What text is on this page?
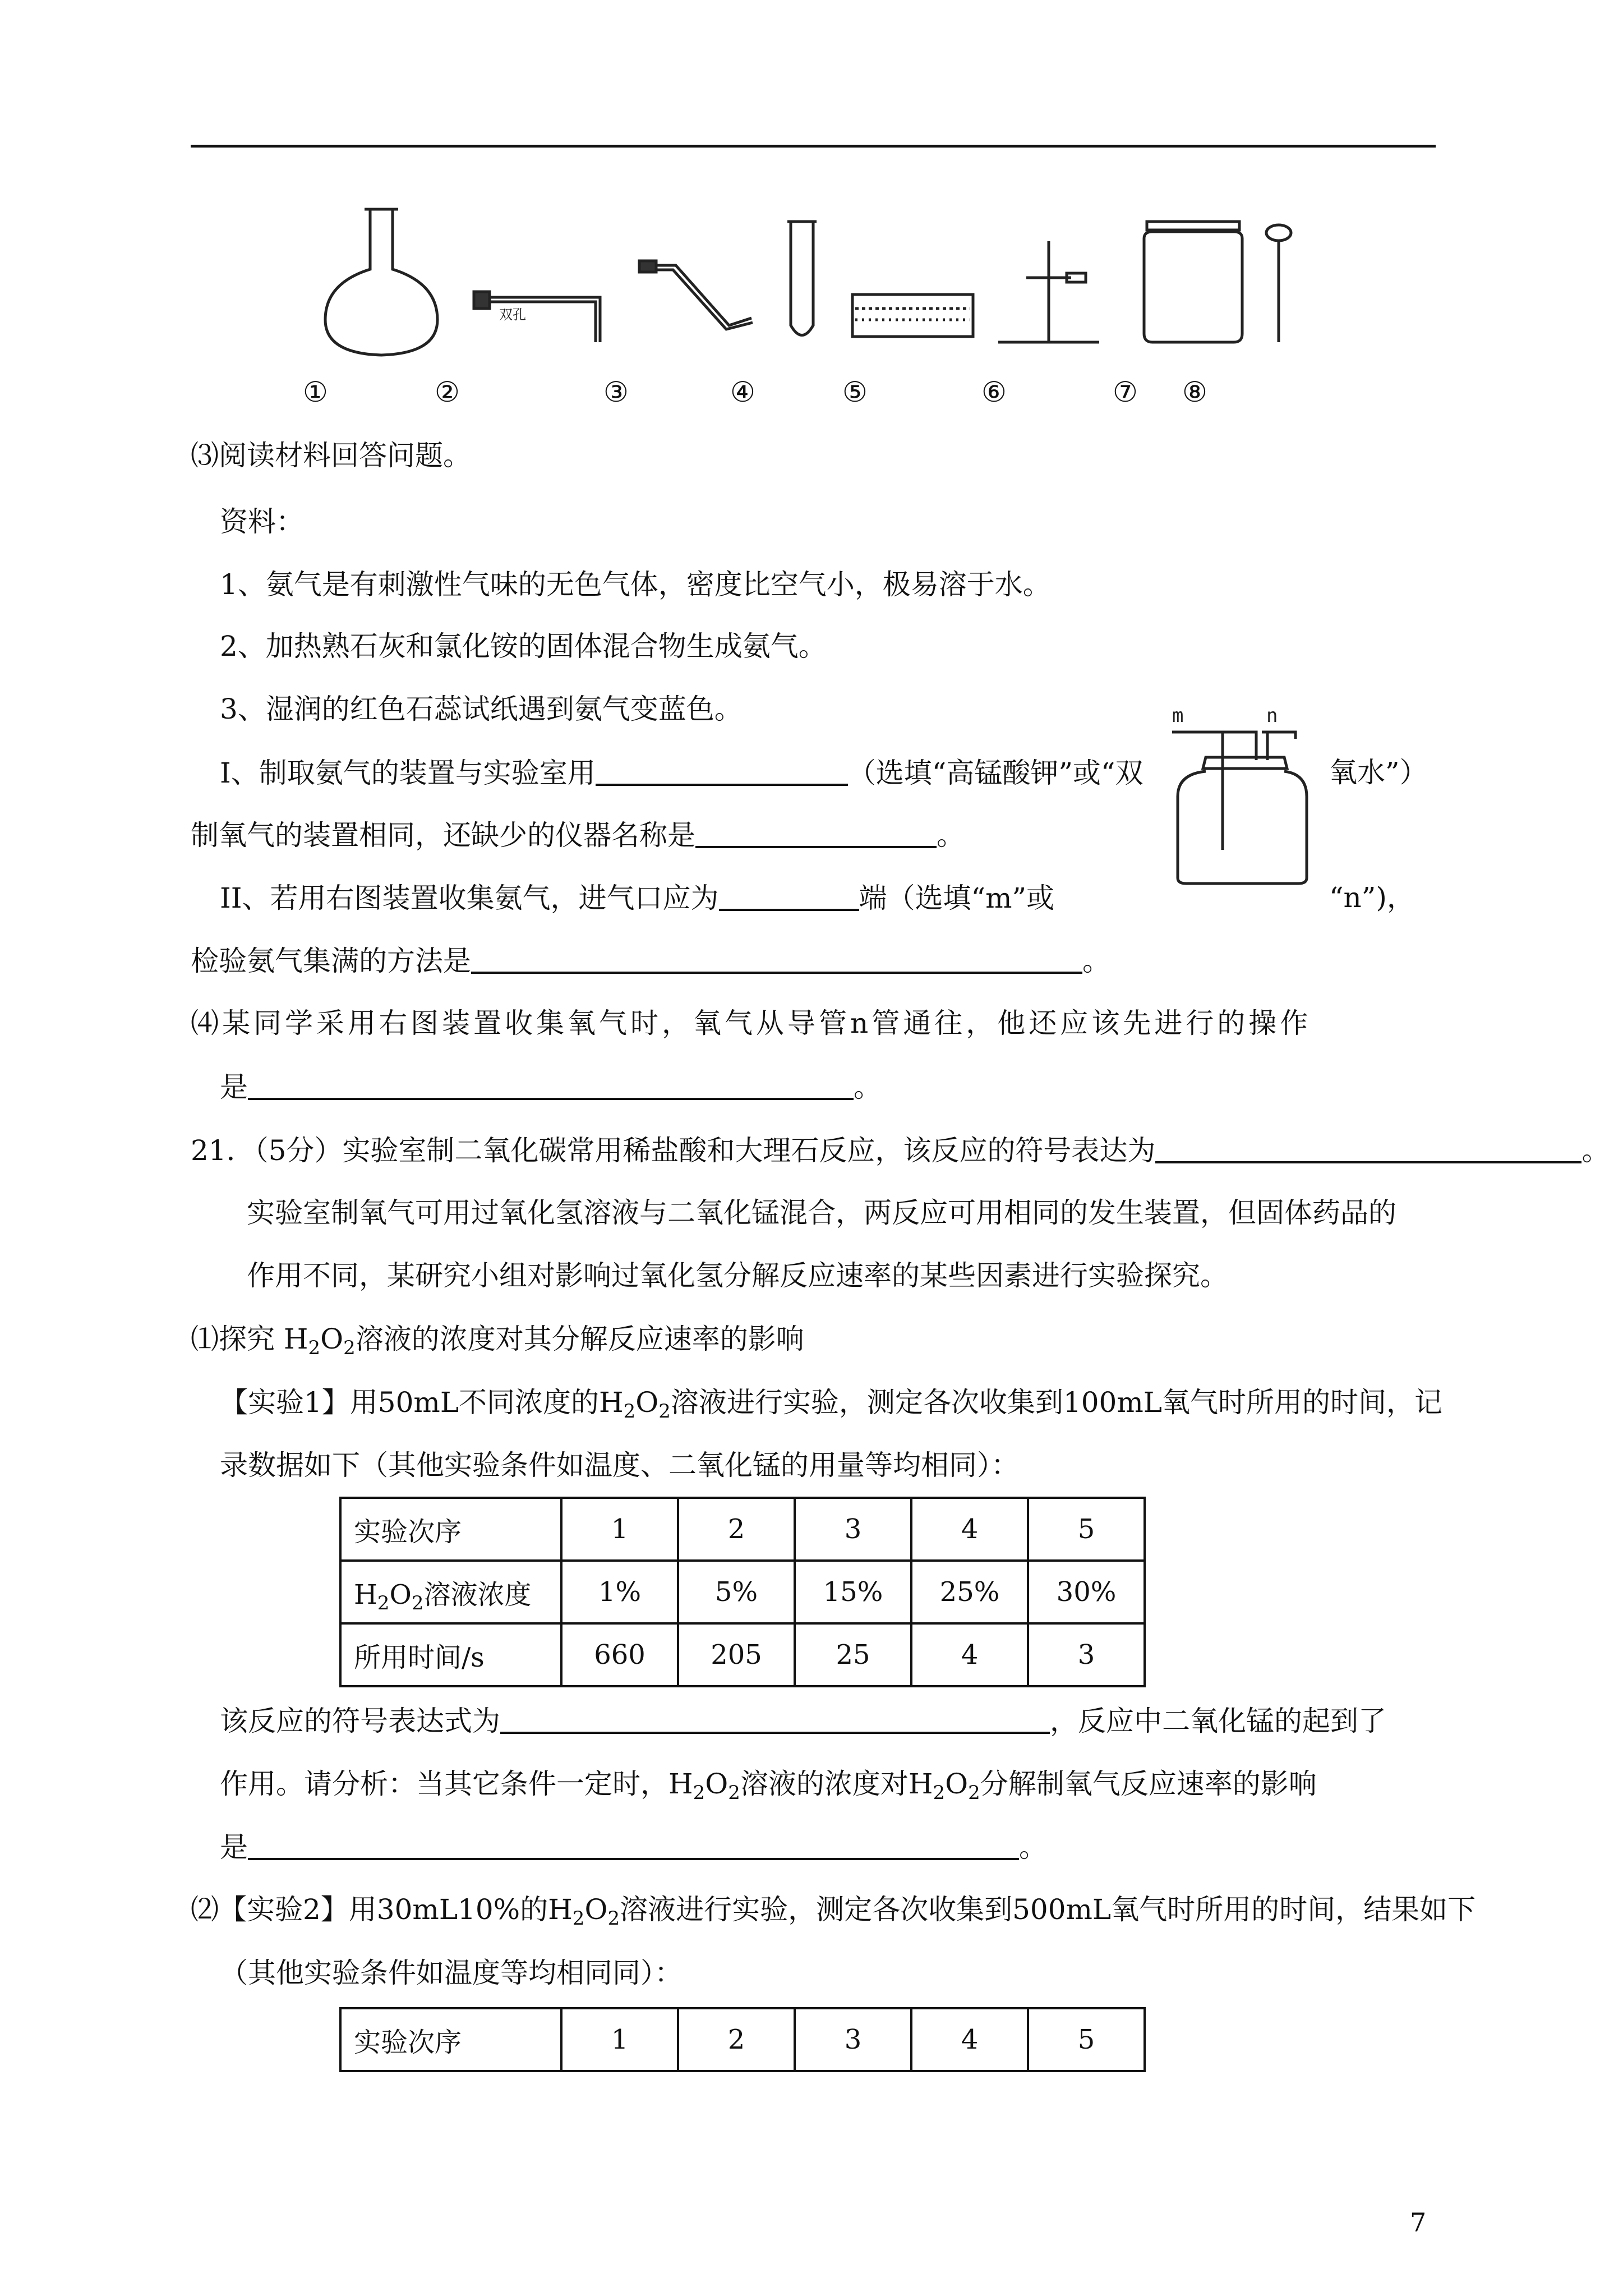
双孔
①	②	③	④	⑤	⑥	⑦ ⑧
⑶阅读材料回答问题。
资料：
1、氨气是有刺激性气味的无色气体，密度比空气小，极易溶于水。
2、加热熟石灰和氯化铵的固体混合物生成氨气。
3、湿润的红色石蕊试纸遇到氨气变蓝色。
I、制取氨气的装置与实验室用	（选填“高锰酸钾”或“双	氧水”）
制氧气的装置相同，还缺少的仪器名称是	。
m	n
II、若用右图装置收集氨气，进气口应为	端（选填“m”或	“n”)，
检验氨气集满的方法是	。
⑷某同学采用右图装置收集氧气时，氧气从导管n管通往，他还应该先进行的操作
是	。
21．（5分）实验室制二氧化碳常用稀盐酸和大理石反应，该反应的符号表达为	。
实验室制氧气可用过氧化氢溶液与二氧化锰混合，两反应可用相同的发生装置，但固体药品的
作用不同，某研究小组对影响过氧化氢分解反应速率的某些因素进行实验探究。
⑴探究 $H_2O_2$溶液的浓度对其分解反应速率的影响
【实验1】用50mL不同浓度的$H_2O_2$溶液进行实验，测定各次收集到100mL氧气时所用的时间，记
录数据如下（其他实验条件如温度、二氧化锰的用量等均相同）：
实验次序	1	2	3	4	5
$H_2O_2$溶液浓度	1%	5%	15%	25%	30%
所用时间/s	660	205	25	4	3
该反应的符号表达式为	，反应中二氧化锰的起到了
作用。请分析：当其它条件一定时，$H_2O_2$溶液的浓度对$H_2O_2$分解制氧气反应速率的影响
是	。
⑵【实验2】用30mL10%的$H_2O_2$溶液进行实验，测定各次收集到500mL氧气时所用的时间，结果如下
（其他实验条件如温度等均相同同）：
实验次序	1	2	3	4	5
7
